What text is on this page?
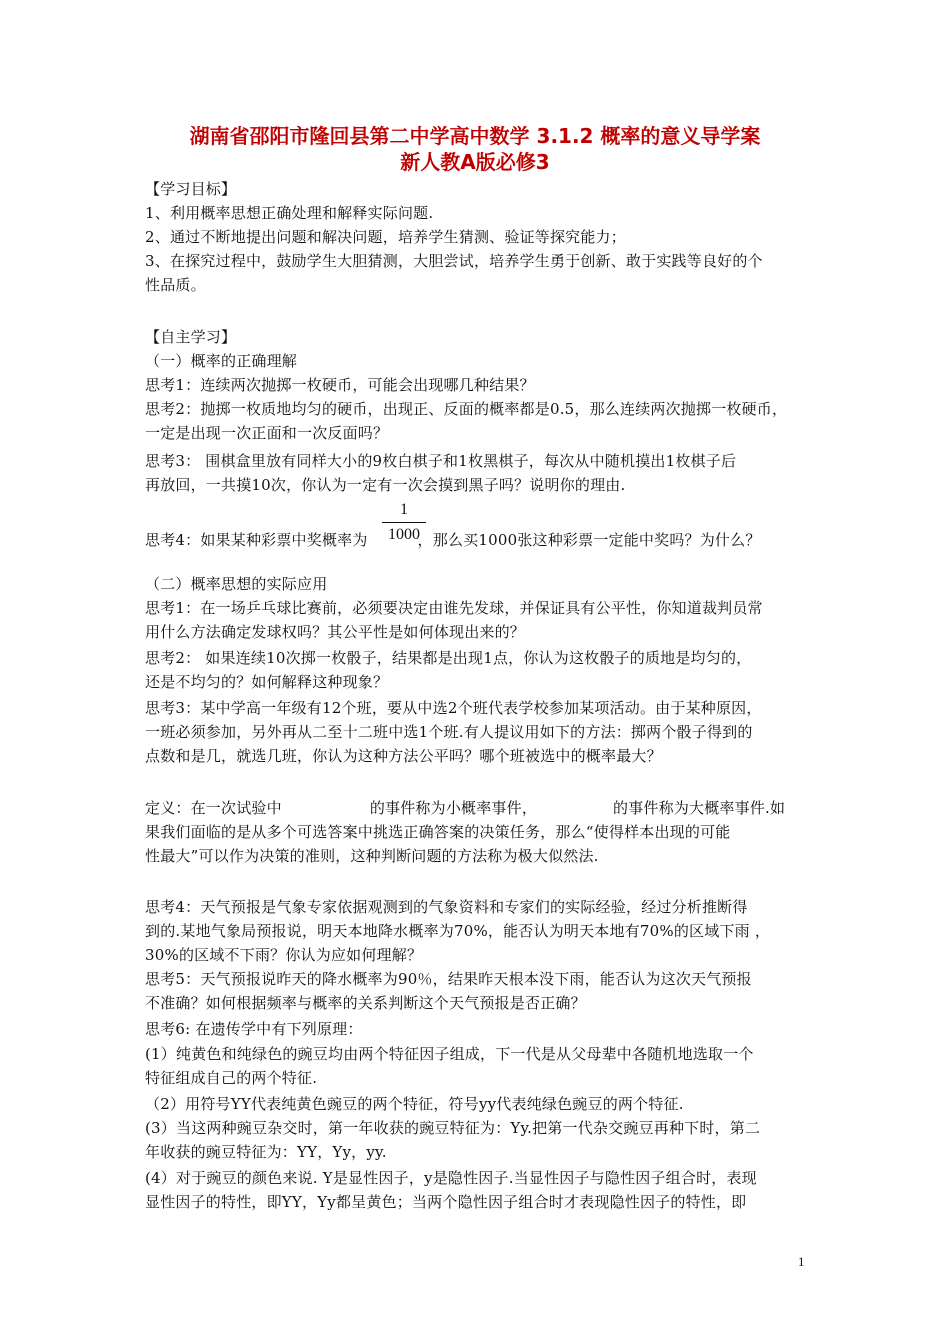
湖南省邵阳市隆回县第二中学高中数学 3.1.2 概率的意义导学案
新人教A版必修3
【学习目标】
1、利用概率思想正确处理和解释实际问题.
2、通过不断地提出问题和解决问题，培养学生猜测、验证等探究能力；
3、在探究过程中，鼓励学生大胆猜测，大胆尝试，培养学生勇于创新、敢于实践等良好的个
性品质。
【自主学习】
（一）概率的正确理解
思考1：连续两次抛掷一枚硬币，可能会出现哪几种结果？
思考2：抛掷一枚质地均匀的硬币，出现正、反面的概率都是0.5，那么连续两次抛掷一枚硬币，
一定是出现一次正面和一次反面吗？
思考3： 围棋盒里放有同样大小的9枚白棋子和1枚黑棋子，每次从中随机摸出1枚棋子后
再放回，一共摸10次，你认为一定有一次会摸到黑子吗？说明你的理由.
思考4：如果某种彩票中奖概率为	，那么买1000张这种彩票一定能中奖吗？为什么？
1
1000
（二）概率思想的实际应用
思考1：在一场乒乓球比赛前，必须要决定由谁先发球，并保证具有公平性，你知道裁判员常
用什么方法确定发球权吗？其公平性是如何体现出来的？
思考2： 如果连续10次掷一枚骰子，结果都是出现1点，你认为这枚骰子的质地是均匀的，
还是不均匀的？如何解释这种现象？
思考3：某中学高一年级有12个班，要从中选2个班代表学校参加某项活动。由于某种原因，
一班必须参加，另外再从二至十二班中选1个班.有人提议用如下的方法：掷两个骰子得到的
点数和是几，就选几班，你认为这种方法公平吗？哪个班被选中的概率最大？
定义：在一次试验中	的事件称为小概率事件，	的事件称为大概率事件.如
果我们面临的是从多个可选答案中挑选正确答案的决策任务，那么“使得样本出现的可能
性最大”可以作为决策的准则，这种判断问题的方法称为极大似然法.
思考4：天气预报是气象专家依据观测到的气象资料和专家们的实际经验，经过分析推断得
到的.某地气象局预报说，明天本地降水概率为70%，能否认为明天本地有70%的区域下雨 ，
30%的区域不下雨？你认为应如何理解？
思考5：天气预报说昨天的降水概率为90％，结果昨天根本没下雨，能否认为这次天气预报
不准确？如何根据频率与概率的关系判断这个天气预报是否正确？
思考6: 在遗传学中有下列原理：
(1）纯黄色和纯绿色的豌豆均由两个特征因子组成，下一代是从父母辈中各随机地选取一个
特征组成自己的两个特征.
（2）用符号YY代表纯黄色豌豆的两个特征，符号yy代表纯绿色豌豆的两个特征.
(3）当这两种豌豆杂交时，第一年收获的豌豆特征为：Yy.把第一代杂交豌豆再种下时，第二
年收获的豌豆特征为：YY，Yy，yy.
(4）对于豌豆的颜色来说. Y是显性因子，y是隐性因子.当显性因子与隐性因子组合时，表现
显性因子的特性，即YY，Yy都呈黄色；当两个隐性因子组合时才表现隐性因子的特性，即
1
